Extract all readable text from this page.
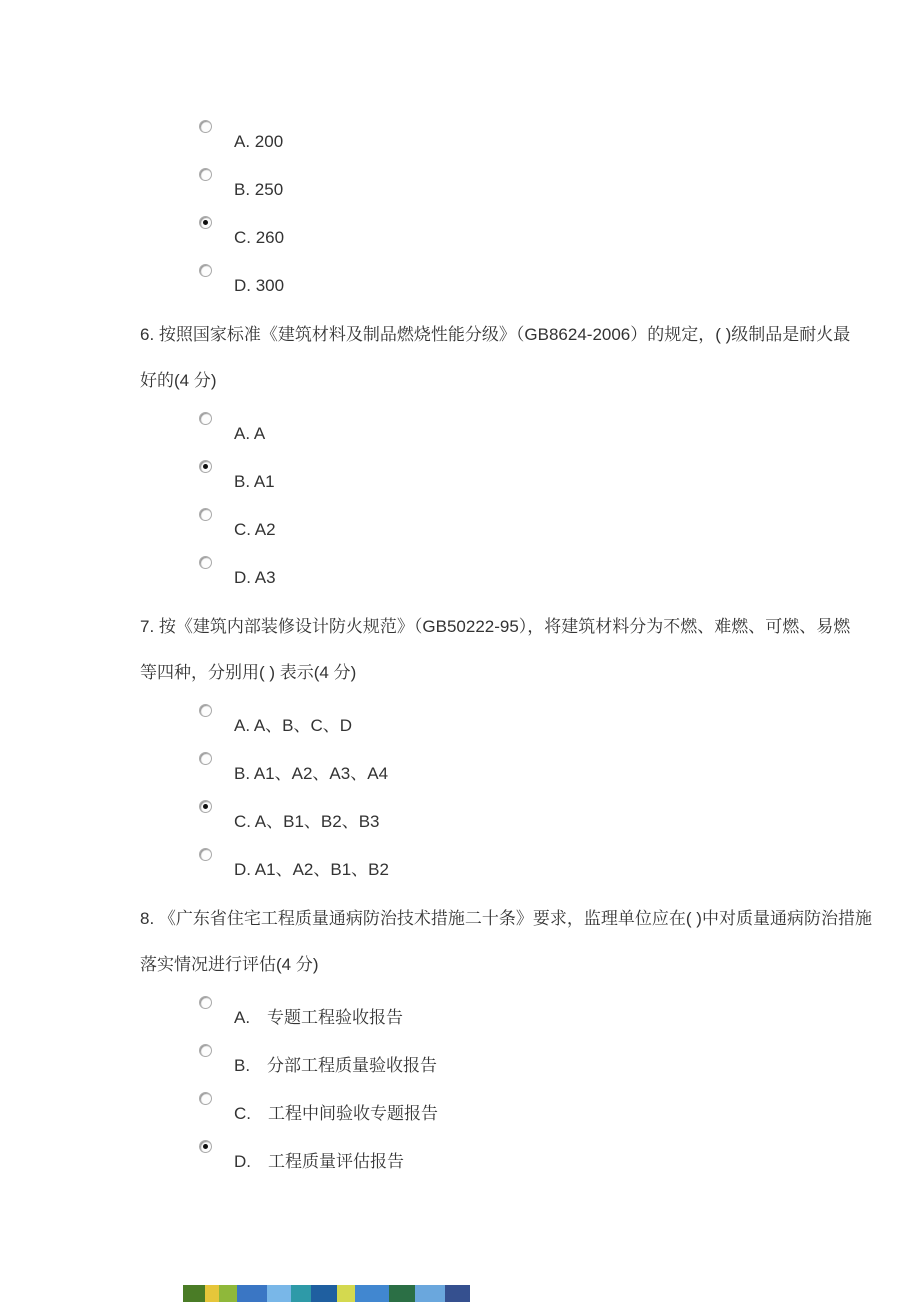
A. 200
B. 250
C. 260
D. 300
6. 按照国家标准《建筑材料及制品燃烧性能分级》（GB8624-2006）的规定，( )级制品是耐火最
好的(4 分)
A. A
B. A1
C. A2
D. A3
7. 按《建筑内部装修设计防火规范》（GB50222-95），将建筑材料分为不燃、难燃、可燃、易燃
等四种，分别用( ) 表示(4 分)
A. A、B、C、D
B. A1、A2、A3、A4
C. A、B1、B2、B3
D. A1、A2、B1、B2
8. 《广东省住宅工程质量通病防治技术措施二十条》要求，监理单位应在( )中对质量通病防治措施
落实情况进行评估(4 分)
A.　专题工程验收报告
B.　分部工程质量验收报告
C.　工程中间验收专题报告
D.　工程质量评估报告
